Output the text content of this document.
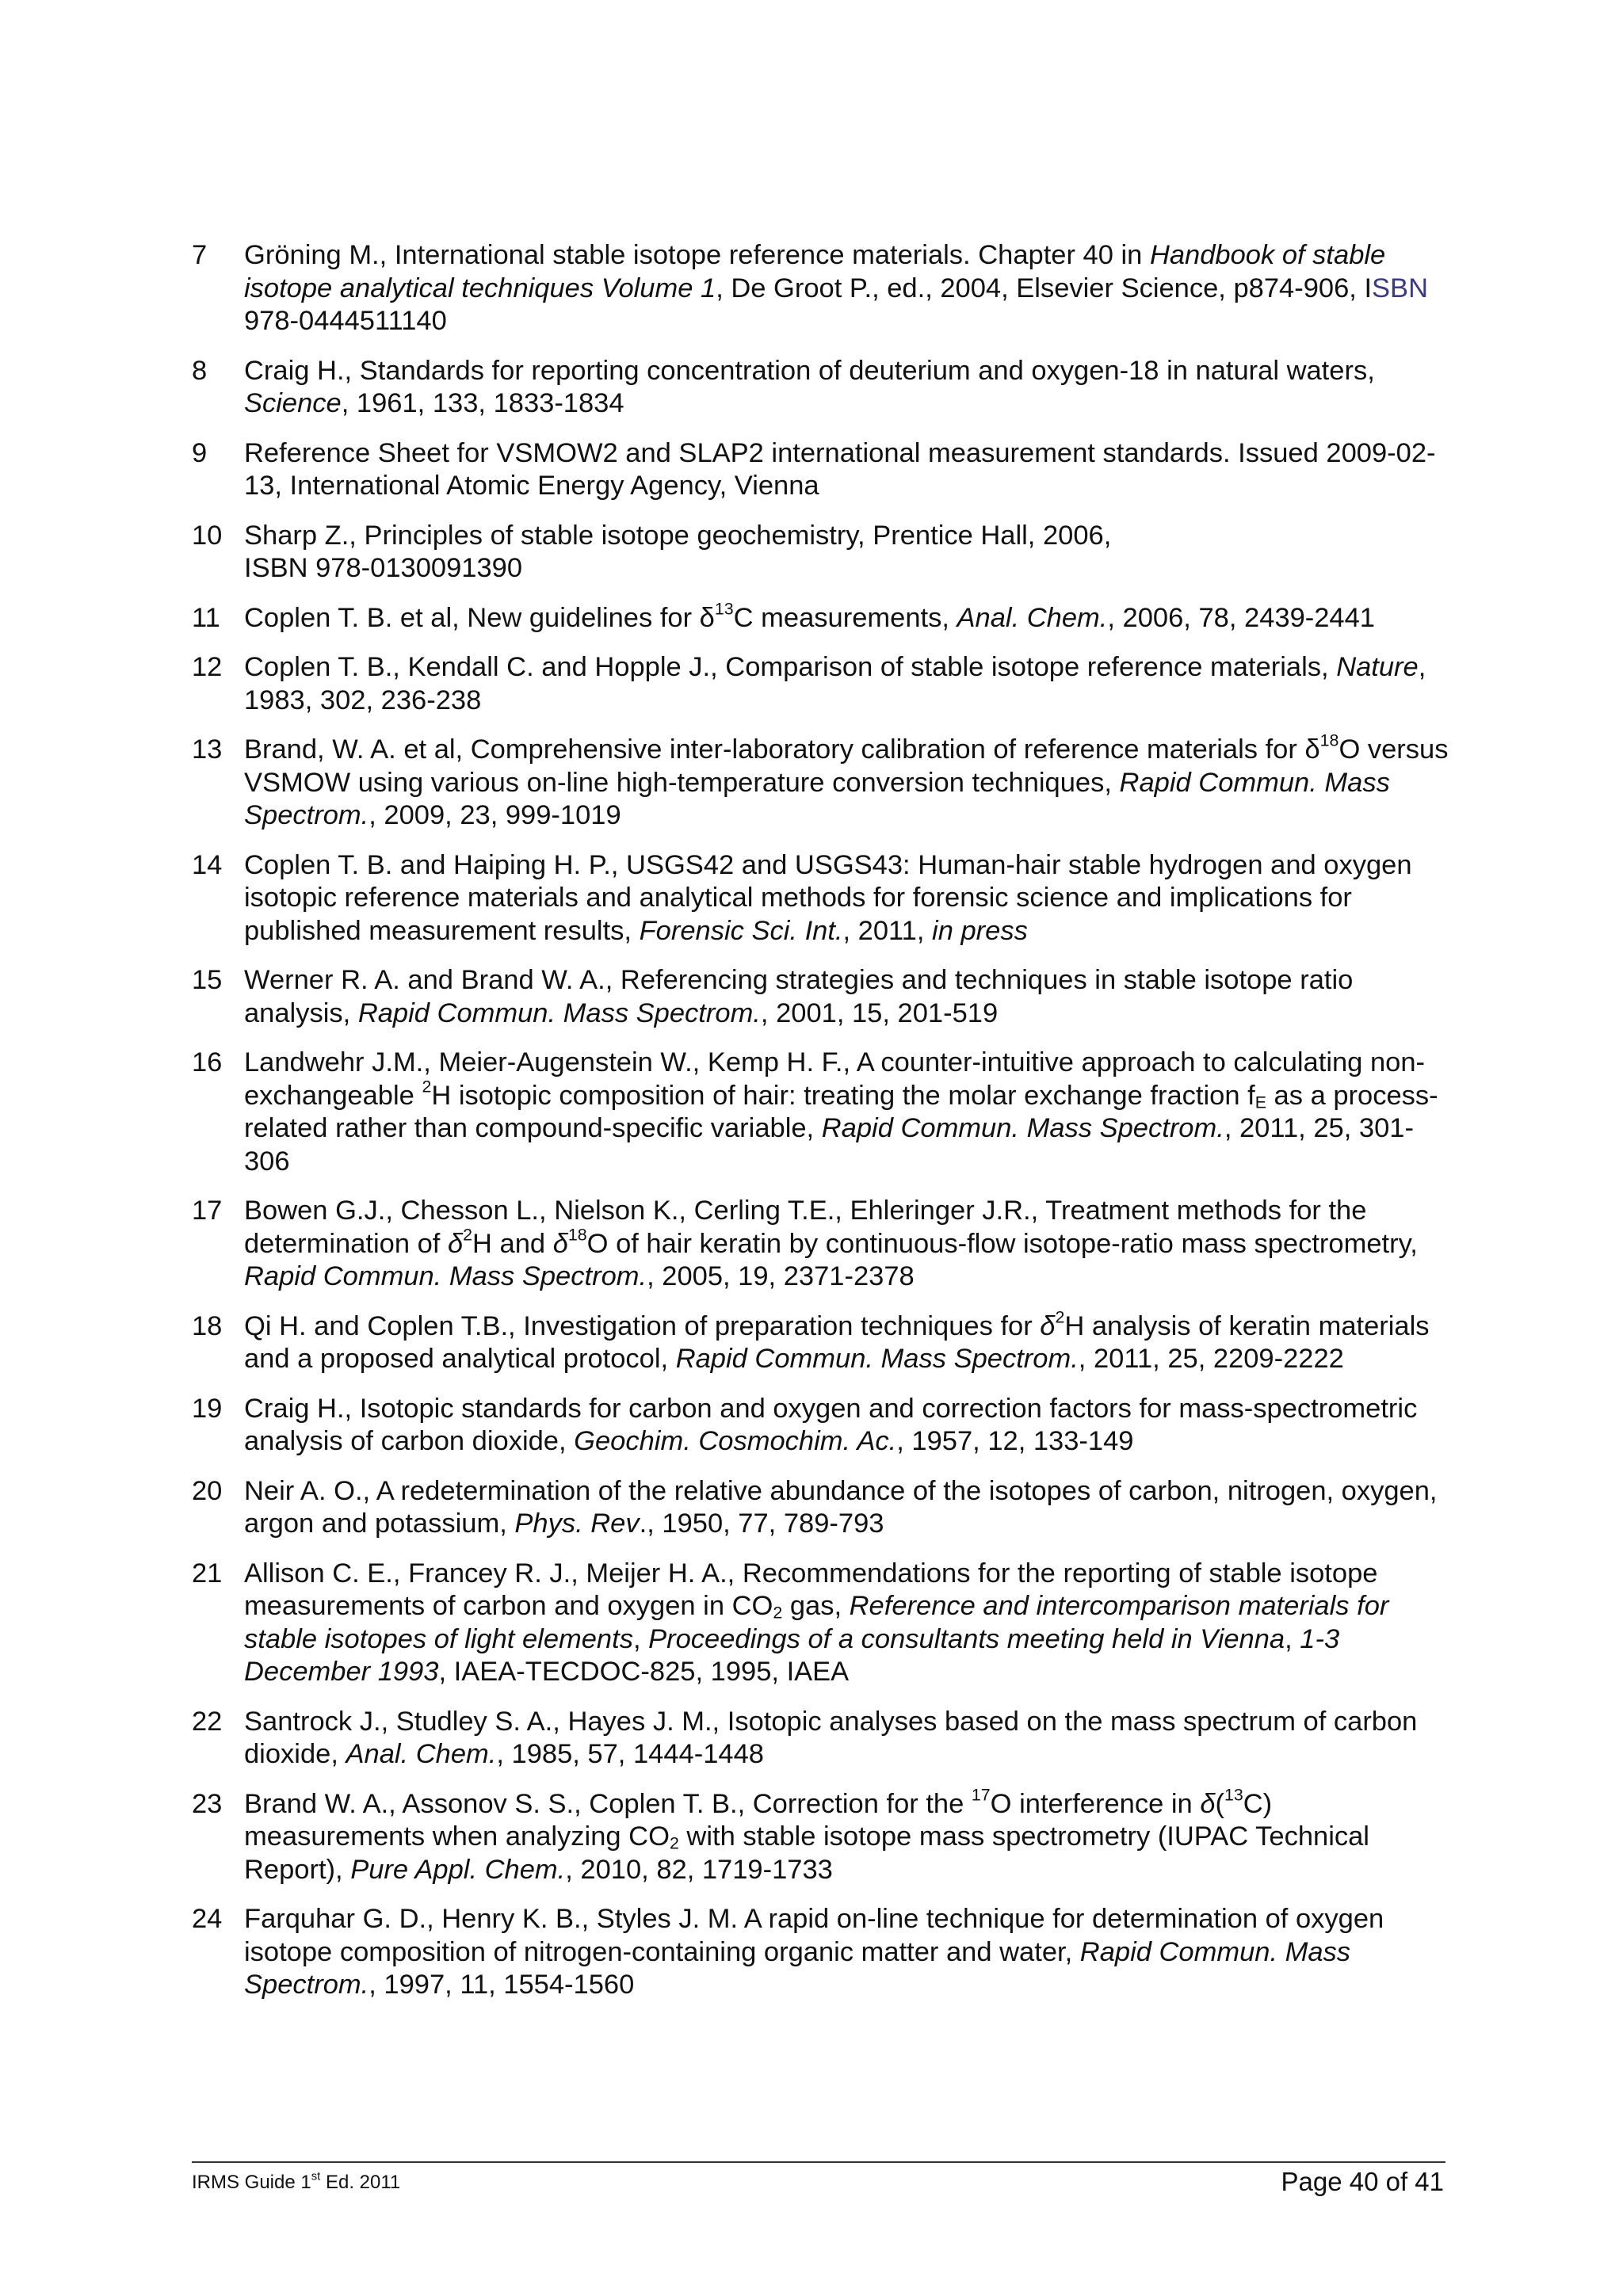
7	Gröning M., International stable isotope reference materials. Chapter 40 in Handbook of stable isotope analytical techniques Volume 1, De Groot P., ed., 2004, Elsevier Science, p874-906, ISBN 978-0444511140
8	Craig H., Standards for reporting concentration of deuterium and oxygen-18 in natural waters, Science, 1961, 133, 1833-1834
9	Reference Sheet for VSMOW2 and SLAP2 international measurement standards. Issued 2009-02-13, International Atomic Energy Agency, Vienna
10 Sharp Z., Principles of stable isotope geochemistry, Prentice Hall, 2006,
ISBN 978-0130091390
11 Coplen T. B. et al, New guidelines for $\delta^{13}C$ measurements, Anal. Chem., 2006, 78, 2439-2441
12 Coplen T. B., Kendall C. and Hopple J., Comparison of stable isotope reference materials, Nature, 1983, 302, 236-238
13 Brand, W. A. et al, Comprehensive inter-laboratory calibration of reference materials for $\delta^{18}O$ versus VSMOW using various on-line high-temperature conversion techniques, Rapid Commun. Mass Spectrom., 2009, 23, 999-1019
14 Coplen T. B. and Haiping H. P., USGS42 and USGS43: Human-hair stable hydrogen and oxygen isotopic reference materials and analytical methods for forensic science and implications for published measurement results, Forensic Sci. Int., 2011, in press
15 Werner R. A. and Brand W. A., Referencing strategies and techniques in stable isotope ratio analysis, Rapid Commun. Mass Spectrom., 2001, 15, 201-519
16 Landwehr J.M., Meier-Augenstein W., Kemp H. F., A counter-intuitive approach to calculating non-exchangeable $^2$H isotopic composition of hair: treating the molar exchange fraction $f_E$ as a process-related rather than compound-specific variable, Rapid Commun. Mass Spectrom., 2011, 25, 301-306
17 Bowen G.J., Chesson L., Nielson K., Cerling T.E., Ehleringer J.R., Treatment methods for the determination of $\delta^2H$ and $\delta^{18}O$ of hair keratin by continuous-flow isotope-ratio mass spectrometry, Rapid Commun. Mass Spectrom., 2005, 19, 2371-2378
18 Qi H. and Coplen T.B., Investigation of preparation techniques for $\delta^2H$ analysis of keratin materials and a proposed analytical protocol, Rapid Commun. Mass Spectrom., 2011, 25, 2209-2222
19 Craig H., Isotopic standards for carbon and oxygen and correction factors for mass-spectrometric analysis of carbon dioxide, Geochim. Cosmochim. Ac., 1957, 12, 133-149
20 Neir A. O., A redetermination of the relative abundance of the isotopes of carbon, nitrogen, oxygen, argon and potassium, Phys. Rev., 1950, 77, 789-793
21 Allison C. E., Francey R. J., Meijer H. A., Recommendations for the reporting of stable isotope measurements of carbon and oxygen in $CO_2$ gas, Reference and intercomparison materials for stable isotopes of light elements, Proceedings of a consultants meeting held in Vienna, 1-3 December 1993, IAEA-TECDOC-825, 1995, IAEA
22 Santrock J., Studley S. A., Hayes J. M., Isotopic analyses based on the mass spectrum of carbon dioxide, Anal. Chem., 1985, 57, 1444-1448
23 Brand W. A., Assonov S. S., Coplen T. B., Correction for the $^{17}$O interference in δ($^{13}$C) measurements when analyzing $CO_2$ with stable isotope mass spectrometry (IUPAC Technical Report), Pure Appl. Chem., 2010, 82, 1719-1733
24 Farquhar G. D., Henry K. B., Styles J. M. A rapid on-line technique for determination of oxygen isotope composition of nitrogen-containing organic matter and water, Rapid Commun. Mass Spectrom., 1997, 11, 1554-1560
IRMS Guide 1st Ed. 2011	Page 40 of 41
